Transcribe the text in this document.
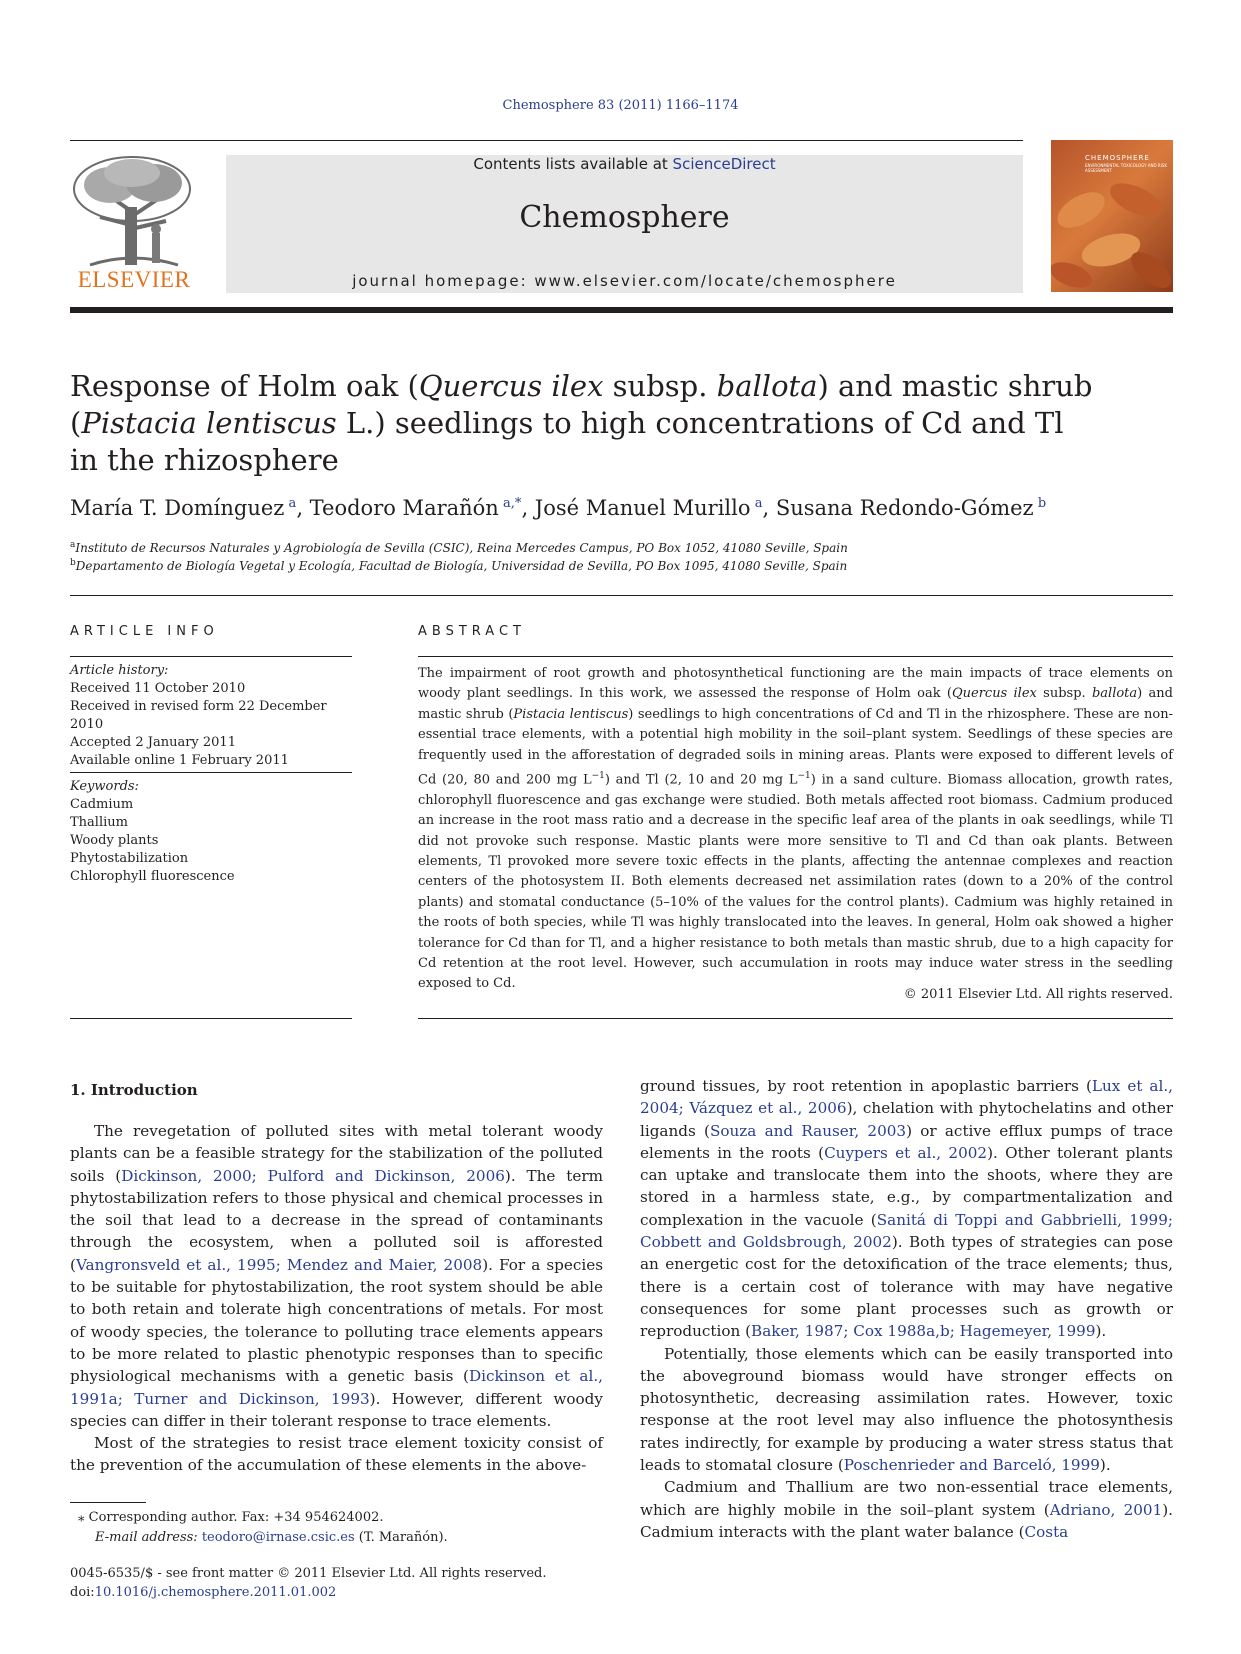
Chemosphere 83 (2011) 1166–1174
ELSEVIER
Contents lists available at ScienceDirect
Chemosphere
journal homepage: www.elsevier.com/locate/chemosphere
CHEMOSPHERE
ENVIRONMENTAL TOXICOLOGY AND RISK ASSESSMENT
Response of Holm oak (Quercus ilex subsp. ballota) and mastic shrub
(Pistacia lentiscus L.) seedlings to high concentrations of Cd and Tl
in the rhizosphere
María T. Domínguez  $^a$, Teodoro Marañón  $^{a,*}$, José Manuel Murillo  $^a$, Susana Redondo-Gómez  $^b$
$^a$Instituto de Recursos Naturales y Agrobiología de Sevilla (CSIC), Reina Mercedes Campus, PO Box 1052, 41080 Seville, Spain
$^b$Departamento de Biología Vegetal y Ecología, Facultad de Biología, Universidad de Sevilla, PO Box 1095, 41080 Seville, Spain
ARTICLE INFO
Article history:
Received 11 October 2010
Received in revised form 22 December 2010
Accepted 2 January 2011
Available online 1 February 2011
Keywords:
Cadmium
Thallium
Woody plants
Phytostabilization
Chlorophyll fluorescence
ABSTRACT

The impairment of root growth and photosynthetical functioning are the main impacts of trace elements on woody plant seedlings. In this work, we assessed the response of Holm oak (Quercus ilex subsp. ballota) and mastic shrub (Pistacia lentiscus) seedlings to high concentrations of Cd and Tl in the rhizosphere. These are non-essential trace elements, with a potential high mobility in the soil–plant system. Seedlings of these species are frequently used in the afforestation of degraded soils in mining areas. Plants were exposed to different levels of Cd (20, 80 and 200 mg $L^{-1}$) and Tl (2, 10 and 20 mg $L^{-1}$) in a sand culture. Biomass allocation, growth rates, chlorophyll fluorescence and gas exchange were studied. Both metals affected root biomass. Cadmium produced an increase in the root mass ratio and a decrease in the specific leaf area of the plants in oak seedlings, while Tl did not provoke such response. Mastic plants were more sensitive to Tl and Cd than oak plants. Between elements, Tl provoked more severe toxic effects in the plants, affecting the antennae complexes and reaction centers of the photosystem II. Both elements decreased net assimilation rates (down to a 20% of the control plants) and stomatal conductance (5–10% of the values for the control plants). Cadmium was highly retained in the roots of both species, while Tl was highly translocated into the leaves. In general, Holm oak showed a higher tolerance for Cd than for Tl, and a higher resistance to both metals than mastic shrub, due to a high capacity for Cd retention at the root level. However, such accumulation in roots may induce water stress in the seedling exposed to Cd.

© 2011 Elsevier Ltd. All rights reserved.
1. Introduction

The revegetation of polluted sites with metal tolerant woody plants can be a feasible strategy for the stabilization of the polluted soils (Dickinson, 2000; Pulford and Dickinson, 2006). The term phytostabilization refers to those physical and chemical processes in the soil that lead to a decrease in the spread of contaminants through the ecosystem, when a polluted soil is afforested (Vangronsveld et al., 1995; Mendez and Maier, 2008). For a species to be suitable for phytostabilization, the root system should be able to both retain and tolerate high concentrations of metals. For most of woody species, the tolerance to polluting trace elements appears to be more related to plastic phenotypic responses than to specific physiological mechanisms with a genetic basis (Dickinson et al., 1991a; Turner and Dickinson, 1993). However, different woody species can differ in their tolerant response to trace elements.

Most of the strategies to resist trace element toxicity consist of the prevention of the accumulation of these elements in the above-

ground tissues, by root retention in apoplastic barriers (Lux et al., 2004; Vázquez et al., 2006), chelation with phytochelatins and other ligands (Souza and Rauser, 2003) or active efflux pumps of trace elements in the roots (Cuypers et al., 2002). Other tolerant plants can uptake and translocate them into the shoots, where they are stored in a harmless state, e.g., by compartmentalization and complexation in the vacuole (Sanitá di Toppi and Gabbrielli, 1999; Cobbett and Goldsbrough, 2002). Both types of strategies can pose an energetic cost for the detoxification of the trace elements; thus, there is a certain cost of tolerance with may have negative consequences for some plant processes such as growth or reproduction (Baker, 1987; Cox 1988a,b; Hagemeyer, 1999).

Potentially, those elements which can be easily transported into the aboveground biomass would have stronger effects on photosynthetic, decreasing assimilation rates. However, toxic response at the root level may also influence the photosynthesis rates indirectly, for example by producing a water stress status that leads to stomatal closure (Poschenrieder and Barceló, 1999).

Cadmium and Thallium are two non-essential trace elements, which are highly mobile in the soil–plant system (Adriano, 2001). Cadmium interacts with the plant water balance (Costa

⁎ Corresponding author. Fax: +34 954624002.
E-mail address: teodoro@irnase.csic.es (T. Marañón).
0045-6535/$ - see front matter © 2011 Elsevier Ltd. All rights reserved.
doi:10.1016/j.chemosphere.2011.01.002
